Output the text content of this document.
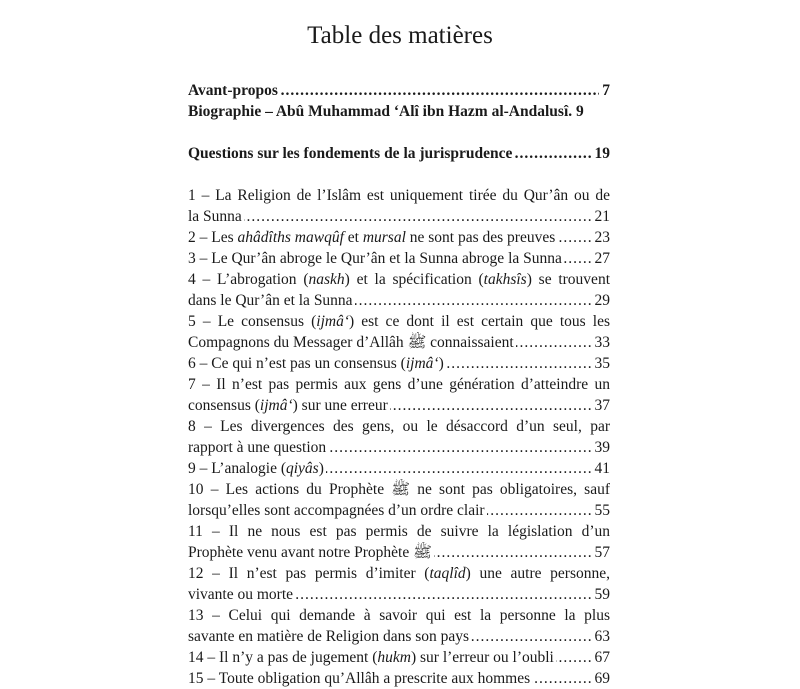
Table des matières
Avant-propos	7
.....
Biographie – Abû Muhammad ‘Alî ibn Hazm al-Andalusî. 9
Questions sur les fondements de la jurisprudence	19
.....
1 – La Religion de l’Islâm est uniquement tirée du Qur’ân ou de
la Sunna	21
.....
2 – Les ahâdîths mawqûf et mursal ne sont pas des preuves	23
.....
3 – Le Qur’ân abroge le Qur’ân et la Sunna abroge la Sunna 27
.....
4 – L’abrogation (naskh) et la spécification (takhsîs) se trouvent
dans le Qur’ân et la Sunna	29
.....
5 – Le consensus (ijmâ‘) est ce dont il est certain que tous les
Compagnons du Messager d’Allâh ﷺ connaissaient	33
.....
6 – Ce qui n’est pas un consensus (ijmâ‘)	35
.....
7 – Il n’est pas permis aux gens d’une génération d’atteindre un
consensus (ijmâ‘) sur une erreur	37
.....
8 – Les divergences des gens, ou le désaccord d’un seul, par
rapport à une question	39
.....
9 – L’analogie (qiyâs)	41
.....
10 – Les actions du Prophète ﷺ ne sont pas obligatoires, sauf
lorsqu’elles sont accompagnées d’un ordre clair	55
.....
11 – Il ne nous est pas permis de suivre la législation d’un
Prophète venu avant notre Prophète ﷺ	57
.....
12 – Il n’est pas permis d’imiter (taqlîd) une autre personne,
vivante ou morte	59
.....
13 – Celui qui demande à savoir qui est la personne la plus
savante en matière de Religion dans son pays	63
.....
14 – Il n’y a pas de jugement (hukm) sur l’erreur ou l’oubli	67
.....
15 – Toute obligation qu’Allâh a prescrite aux hommes	69
.....
